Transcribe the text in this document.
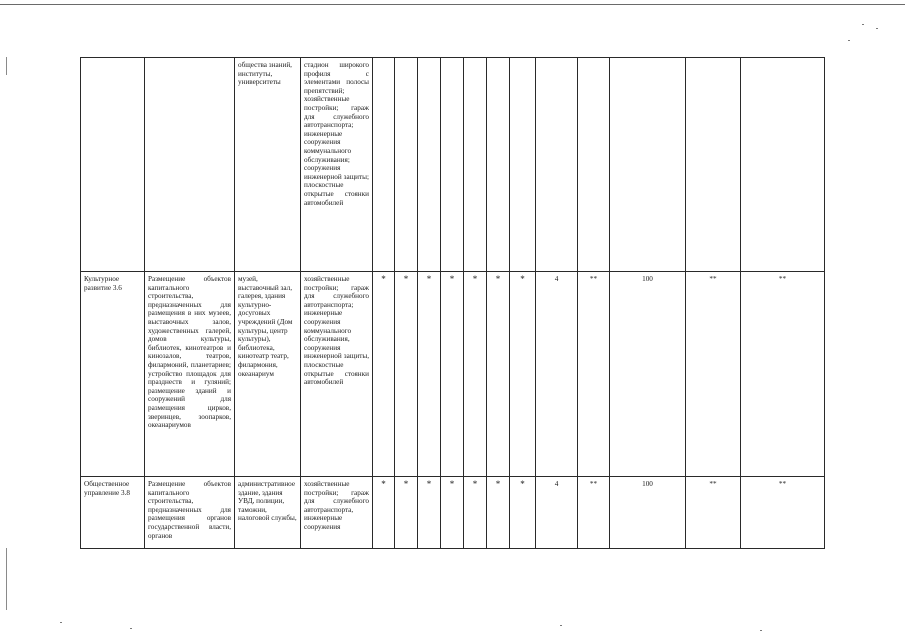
		общества знаний, институты, университеты	стадион широкого профиля с элементами полосы препятствий; хозяйственные постройки; гараж для служебного автотранспорта; инженерные сооружения коммунального обслуживания; сооружения инженерной защиты; плоскостные открытые стоянки автомобилей												
Культурное развитие 3.6	Размещение объектов капитального строительства, предназначенных для размещения в них музеев, выставочных залов, художественных галерей, домов культуры, библиотек, кинотеатров и кинозалов, театров, филармоний, планетариев; устройство площадок для празднеств и гуляний; размещение зданий и сооружений для размещения цирков, зверинцев, зоопарков, океанариумов	музей, выставочный зал, галерея, здания культурно-досуговых учреждений (Дом культуры, центр культуры), библиотека, кинотеатр театр, филармония, океанариум	хозяйственные постройки; гараж для служебного автотранспорта; инженерные сооружения коммунального обслуживания, сооружения инженерной защиты, плоскостные открытые стоянки автомобилей	*	*	*	*	*	*	*	4	**	100	**	**
Общественное управление 3.8	Размещение объектов капитального строительства, предназначенных для размещения органов государственной власти, органов	административное здание, здания УВД, полиции, таможни, налоговой службы,	хозяйственные постройки; гараж для служебного автотранспорта, инженерные сооружения	*	*	*	*	*	*	*	4	**	100	**	**
